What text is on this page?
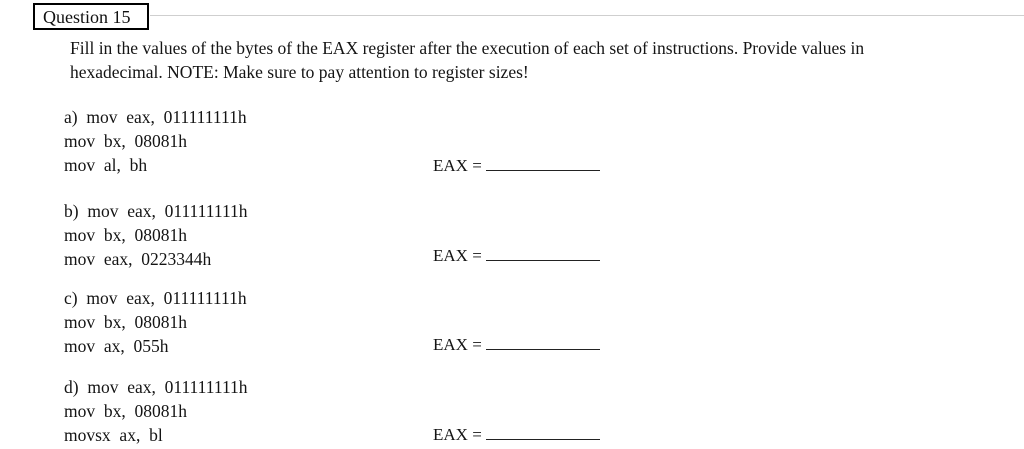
Question 15
Fill in the values of the bytes of the EAX register after the execution of each set of instructions. Provide values in hexadecimal. NOTE: Make sure to pay attention to register sizes!
a)  mov  eax,  011111111h
mov  bx,  08081h
mov  al,  bh	EAX =
b)  mov  eax,  011111111h
mov  bx,  08081h
mov  eax,  0223344h	EAX =
c)  mov  eax,  011111111h
mov  bx,  08081h
mov  ax,  055h	EAX =
d)  mov  eax,  011111111h
mov  bx,  08081h
movsx  ax,  bl	EAX =
